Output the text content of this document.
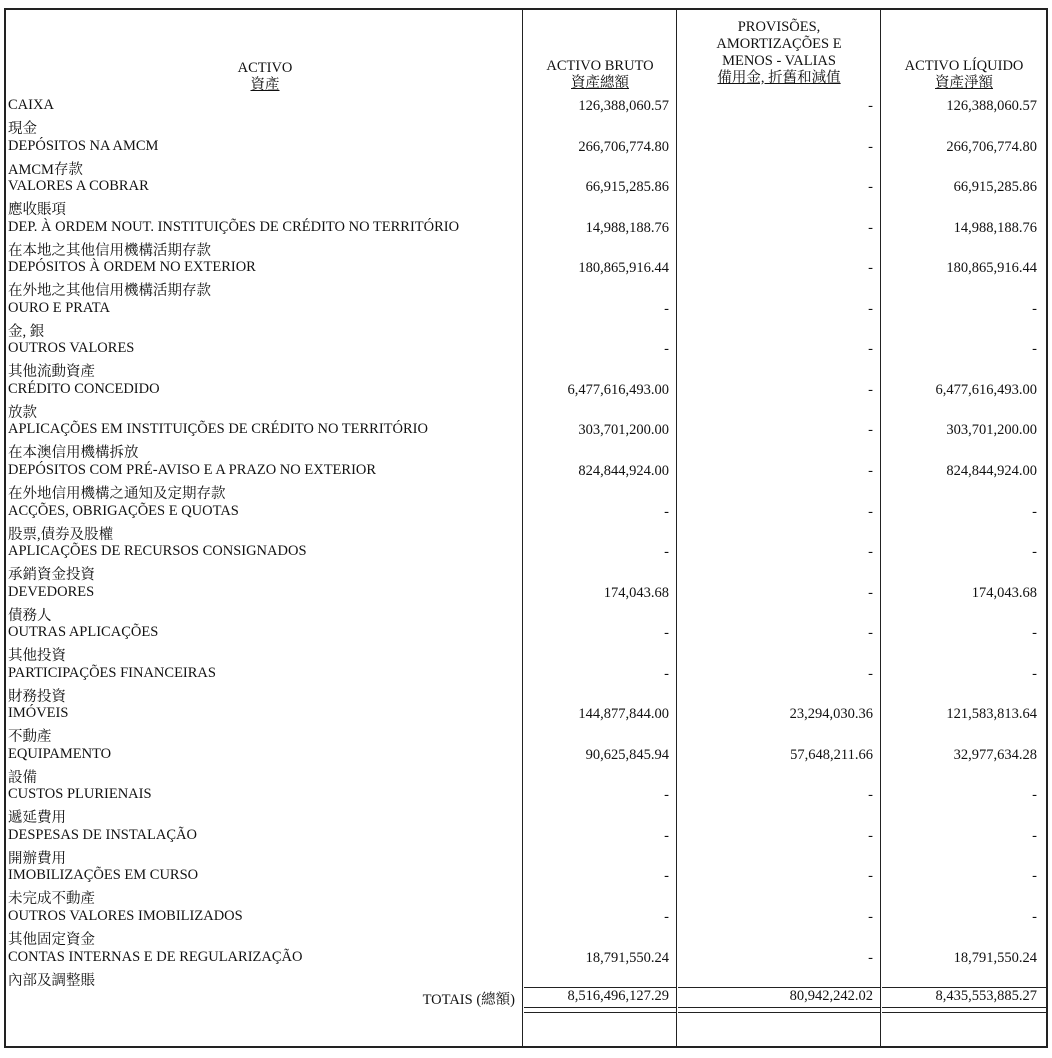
ACTIVO
資產
ACTIVO BRUTO
資產總額
PROVISÕES,
AMORTIZAÇÕES E
MENOS - VALIAS
備用金, 折舊和減值
ACTIVO LÍQUIDO
資產淨額
CAIXA
現金
126,388,060.57	-	126,388,060.57
DEPÓSITOS NA AMCM
AMCM存款
266,706,774.80	-	266,706,774.80
VALORES A COBRAR
應收賬項
66,915,285.86	-	66,915,285.86
DEP. À ORDEM NOUT. INSTITUIÇÕES DE CRÉDITO NO TERRITÓRIO
在本地之其他信用機構活期存款
14,988,188.76	-	14,988,188.76
DEPÓSITOS À ORDEM NO EXTERIOR
在外地之其他信用機構活期存款
180,865,916.44	-	180,865,916.44
OURO E PRATA
金, 銀
-	-	-
OUTROS VALORES
其他流動資產
-	-	-
CRÉDITO CONCEDIDO
放款
6,477,616,493.00	-	6,477,616,493.00
APLICAÇÕES EM INSTITUIÇÕES DE CRÉDITO NO TERRITÓRIO
在本澳信用機構拆放
303,701,200.00	-	303,701,200.00
DEPÓSITOS COM PRÉ-AVISO E A PRAZO NO EXTERIOR
在外地信用機構之通知及定期存款
824,844,924.00	-	824,844,924.00
ACÇÕES, OBRIGAÇÕES E QUOTAS
股票,債券及股權
-	-	-
APLICAÇÕES DE RECURSOS CONSIGNADOS
承銷資金投資
-	-	-
DEVEDORES
債務人
174,043.68	-	174,043.68
OUTRAS APLICAÇÕES
其他投資
-	-	-
PARTICIPAÇÕES FINANCEIRAS
財務投資
-	-	-
IMÓVEIS
不動產
144,877,844.00	23,294,030.36	121,583,813.64
EQUIPAMENTO
設備
90,625,845.94	57,648,211.66	32,977,634.28
CUSTOS PLURIENAIS
遞延費用
-	-	-
DESPESAS DE INSTALAÇÃO
開辦費用
-	-	-
IMOBILIZAÇÕES EM CURSO
未完成不動產
-	-	-
OUTROS VALORES IMOBILIZADOS
其他固定資金
-	-	-
CONTAS INTERNAS E DE REGULARIZAÇÃO
內部及調整賬
18,791,550.24	-	18,791,550.24
TOTAIS (總額)	8,516,496,127.29	80,942,242.02	8,435,553,885.27
